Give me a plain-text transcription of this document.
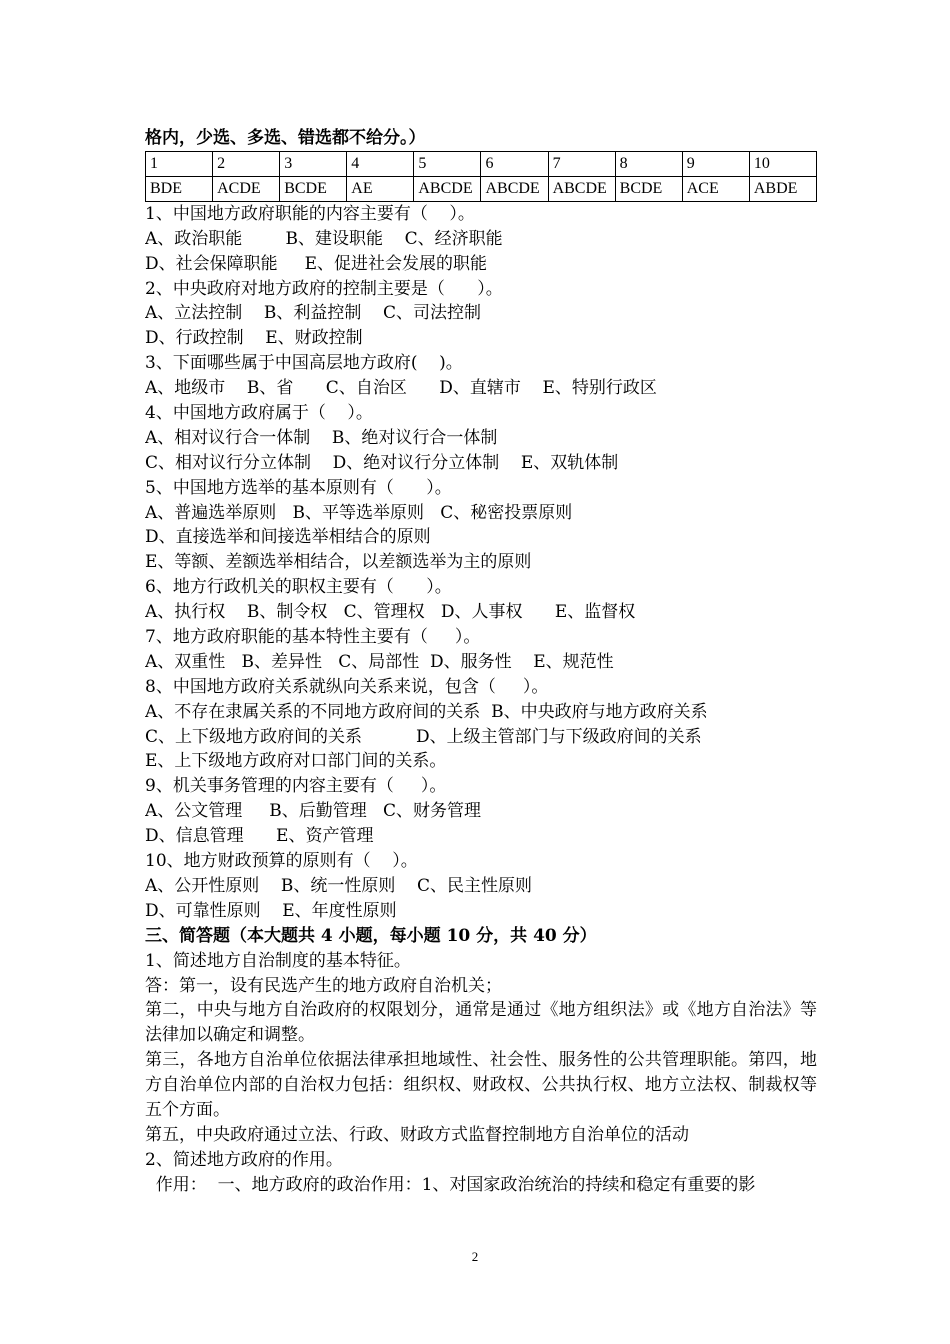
格内，少选、多选、错选都不给分。）
1	2	3	4	5	6	7	8	9	10
BDE	ACDE	BCDE	AE	ABCDE	ABCDE	ABCDE	BCDE	ACE	ABDE
1、中国地方政府职能的内容主要有（    ）。
A、政治职能        B、建设职能    C、经济职能
D、社会保障职能     E、促进社会发展的职能
2、中央政府对地方政府的控制主要是（      ）。
A、立法控制    B、利益控制    C、司法控制
D、行政控制    E、财政控制
3、下面哪些属于中国高层地方政府(    )。
A、地级市    B、省      C、自治区      D、直辖市    E、特别行政区
4、中国地方政府属于（    ）。
A、相对议行合一体制    B、绝对议行合一体制
C、相对议行分立体制    D、绝对议行分立体制    E、双轨体制
5、中国地方选举的基本原则有（      ）。
A、普遍选举原则   B、平等选举原则   C、秘密投票原则
D、直接选举和间接选举相结合的原则
E、等额、差额选举相结合，以差额选举为主的原则
6、地方行政机关的职权主要有（      ）。
A、执行权    B、制令权   C、管理权   D、人事权      E、监督权
7、地方政府职能的基本特性主要有（     ）。
A、双重性   B、差异性   C、局部性  D、服务性    E、规范性
8、中国地方政府关系就纵向关系来说，包含（     ）。
A、不存在隶属关系的不同地方政府间的关系  B、中央政府与地方政府关系
C、上下级地方政府间的关系          D、上级主管部门与下级政府间的关系
E、上下级地方政府对口部门间的关系。
9、机关事务管理的内容主要有（     ）。
A、公文管理     B、后勤管理   C、财务管理
D、信息管理      E、资产管理
10、地方财政预算的原则有（    ）。
A、公开性原则    B、统一性原则    C、民主性原则
D、可靠性原则    E、年度性原则
三、简答题（本大题共 4 小题，每小题 10 分，共 40 分）
1、简述地方自治制度的基本特征。
答：第一，设有民选产生的地方政府自治机关；
第二，中央与地方自治政府的权限划分，通常是通过《地方组织法》或《地方自治法》等法律加以确定和调整。
第三，各地方自治单位依据法律承担地域性、社会性、服务性的公共管理职能。第四，地方自治单位内部的自治权力包括：组织权、财政权、公共执行权、地方立法权、制裁权等五个方面。
第五，中央政府通过立法、行政、财政方式监督控制地方自治单位的活动
2、简述地方政府的作用。
作用：  一、地方政府的政治作用：1、对国家政治统治的持续和稳定有重要的影
2
